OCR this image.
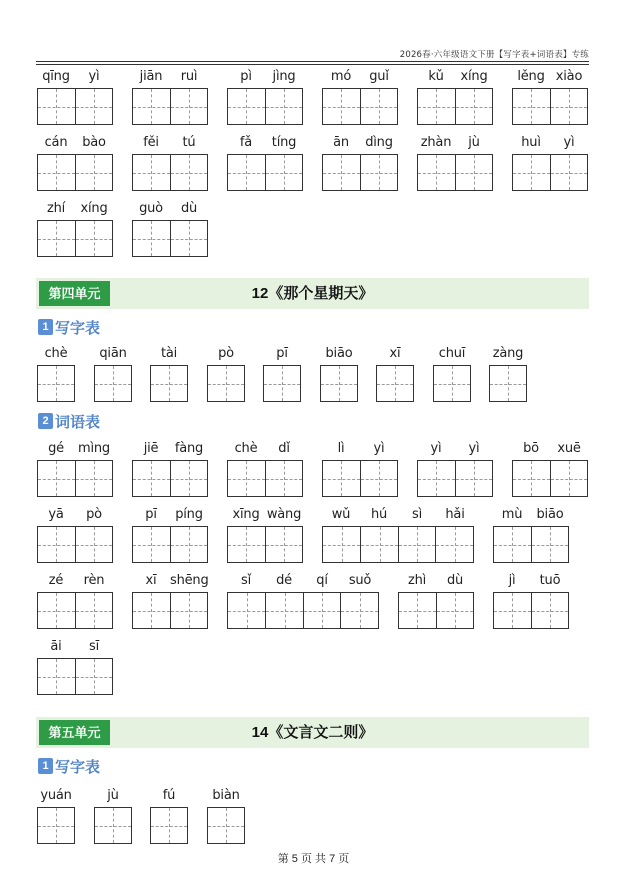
2026春·六年级语文下册【写字表+词语表】专练
qīng	yì	jiān	ruì	pì	jìng	mó	guǐ	kǔ	xíng	lěng xiào
cán	bào	fěi	tú	fǎ	tíng	ān	dìng	zhàn	jù	huì	yì
zhí	xíng	guò	dù
第四单元	12《那个星期天》
1 写字表
chè	qiān	tài	pò	pī	biāo	xī	chuī	zàng
2 词语表
gé	mìng	jiē	fàng	chè	dǐ	lì	yì	yì	yì	bō	xuē
yā	pò	pī	píng	xīng wàng	wǔ	hú	sì	hǎi	mù	biāo
zé	rèn	xī	shēng	sǐ	dé	qí	suǒ	zhì	dù	jì	tuō
āi	sī
第五单元	14《文言文二则》
1 写字表
yuán	jù	fú	biàn
第 5 页 共 7 页
